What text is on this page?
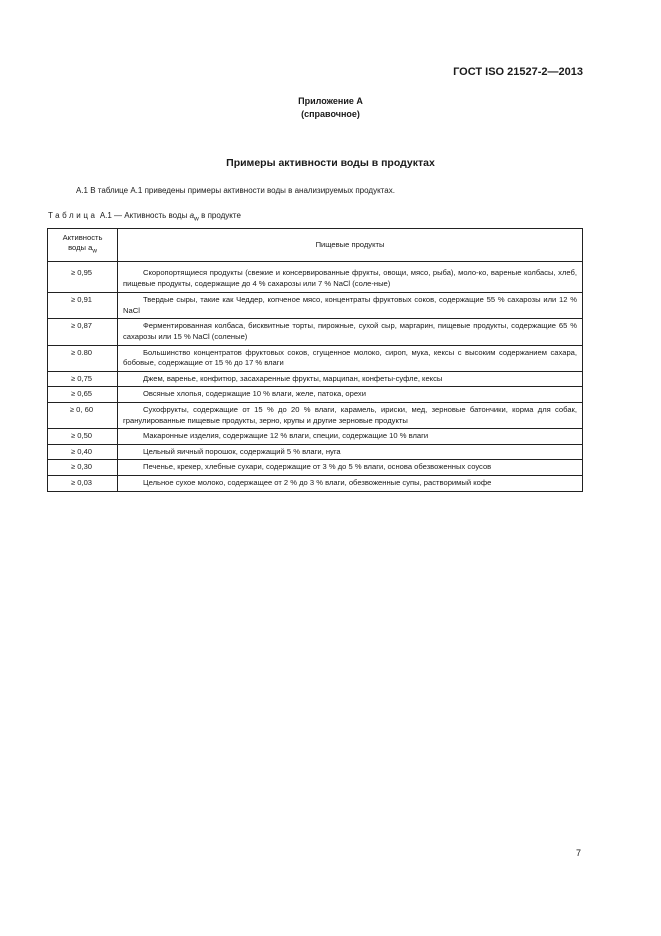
ГОСТ ISO 21527-2—2013
Приложение А
(справочное)
Примеры активности воды в продуктах
А.1 В таблице А.1 приведены примеры активности воды в анализируемых продуктах.
Таблица А.1 — Активность воды $a_w$ в продукте
Активность
воды $a_w$	Пищевые продукты
≥ 0,95	Скоропортящиеся продукты (свежие и консервированные фрукты, овощи, мясо, рыба), моло-ко, вареные колбасы, хлеб, пищевые продукты, содержащие до 4 % сахарозы или 7 % NaCl (соле-ные)
≥ 0,91	Твердые сыры, такие как Чеддер, копченое мясо, концентраты фруктовых соков, содержащие 55 % сахарозы или 12 % NaCl
≥ 0,87	Ферментированная колбаса, бисквитные торты, пирожные, сухой сыр, маргарин, пищевые продукты, содержащие 65 % сахарозы или 15 % NaCl (соленые)
≥ 0.80	Большинство концентратов фруктовых соков, сгущенное молоко, сироп, мука, кексы с высоким содержанием сахара, бобовые, содержащие от 15 % до 17 % влаги
≥ 0,75	Джем, варенье, конфитюр, засахаренные фрукты, марципан, конфеты-суфле, кексы
≥ 0,65	Овсяные хлопья, содержащие 10 % влаги, желе, патока, орехи
≥ 0, 60	Сухофрукты, содержащие от 15 % до 20 % влаги, карамель, ириски, мед, зерновые батончики, корма для собак, гранулированные пищевые продукты, зерно, крупы и другие зерновые продукты
≥ 0,50	Макаронные изделия, содержащие 12 % влаги, специи, содержащие 10 % влаги
≥ 0,40	Цельный яичный порошок, содержащий 5 % влаги, нуга
≥ 0,30	Печенье, крекер, хлебные сухари, содержащие от 3 % до 5 % влаги, основа обезвоженных соусов
≥ 0,03	Цельное сухое молоко, содержащее от 2 % до 3 % влаги, обезвоженные супы, растворимый кофе
7
